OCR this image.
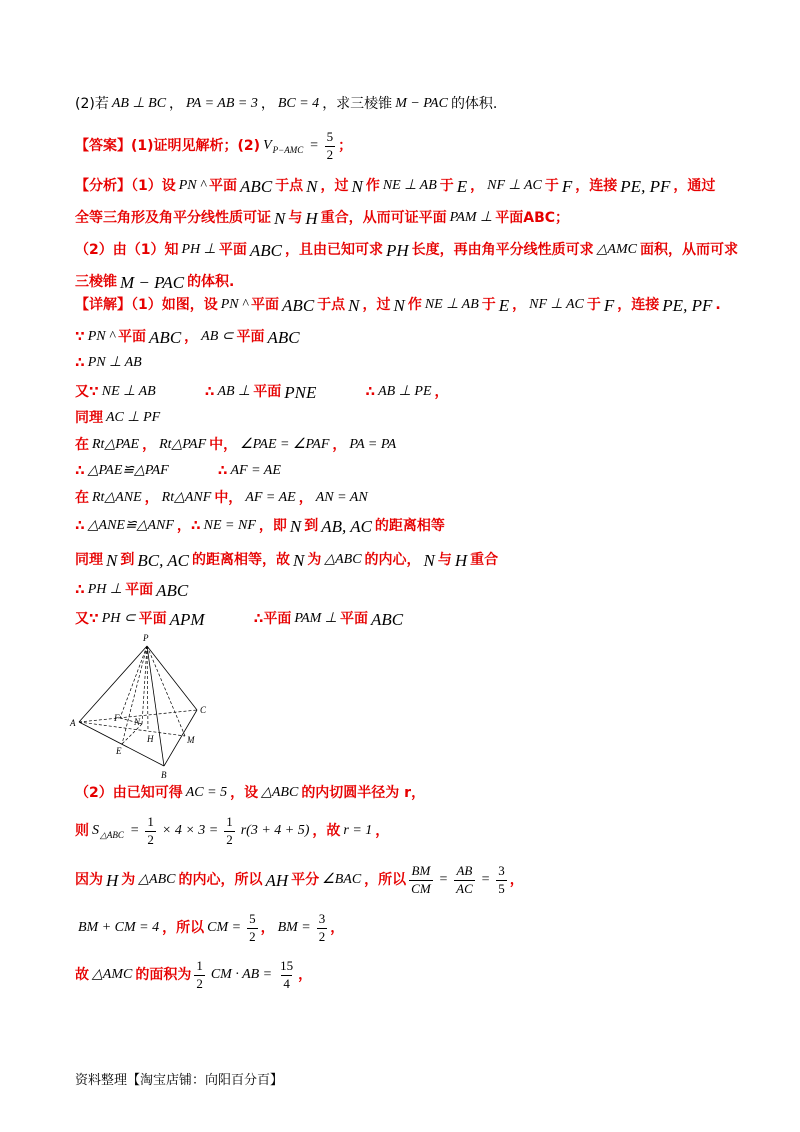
(2)若 AB ⊥ BC ， PA = AB = 3 ， BC = 4 ，求三棱锥 M − PAC 的体积.
【答案】(1)证明见解析；(2) $V_{P-AMC} = \frac{5}{2}$ ；
【分析】（1）设 PN ^ 平面 ABC 于点 N ，过 N 作 NE ⊥ AB 于 E ， NF ⊥ AC 于 F ，连接 PE, PF ，通过
全等三角形及角平分线性质可证 N 与 H 重合，从而可证平面 PAM ⊥ 平面ABC；
（2）由（1）知 PH ⊥ 平面 ABC ，且由已知可求 PH 长度，再由角平分线性质可求 △AMC 面积，从而可求
三棱锥 M − PAC 的体积.
【详解】（1）如图，设 PN ^ 平面 ABC 于点 N ，过 N 作 NE ⊥ AB 于 E ， NF ⊥ AC 于 F ，连接 PE, PF .
∵ PN ^ 平面 ABC ， AB ⊂ 平面 ABC
∴ PN ⊥ AB
又∵ NE ⊥ AB	∴ AB ⊥ 平面 PNE	∴ AB ⊥ PE ，
同理 AC ⊥ PF
在 Rt△PAE ， Rt△PAF 中， ∠PAE = ∠PAF ， PA = PA
∴ △PAE≌△PAF	∴ AF = AE
在 Rt△ANE ， Rt△ANF 中， AF = AE ， AN = AN
∴ △ANE≌△ANF ，∴ NE = NF ，即 N 到 AB, AC 的距离相等
同理 N 到 BC, AC 的距离相等，故 N 为 △ABC 的内心， N 与 H 重合
∴ PH ⊥ 平面 ABC
又∵ PH ⊂ 平面 APM	∴平面 PAM ⊥ 平面 ABC
P
A
C
B
M
H
N
F
E
（2）由已知可得 AC = 5 ，设 △ABC 的内切圆半径为 r，
则 $S_{\triangle ABC} = \frac{1}{2} \times 4 \times 3 = \frac{1}{2} r(3 + 4 + 5)$ ，故 r = 1 ，
因为 H 为 △ABC 的内心，所以 AH 平分 ∠BAC ，所以 $\frac{BM}{CM} = \frac{AB}{AC} = \frac{3}{5}$ ，
BM + CM = 4 ，所以 CM = $\frac{5}{2}$ ， BM = $\frac{3}{2}$ ，
故 △AMC 的面积为 $\frac{1}{2}$ CM · AB = $\frac{15}{4}$ ，
资料整理【淘宝店铺：向阳百分百】
